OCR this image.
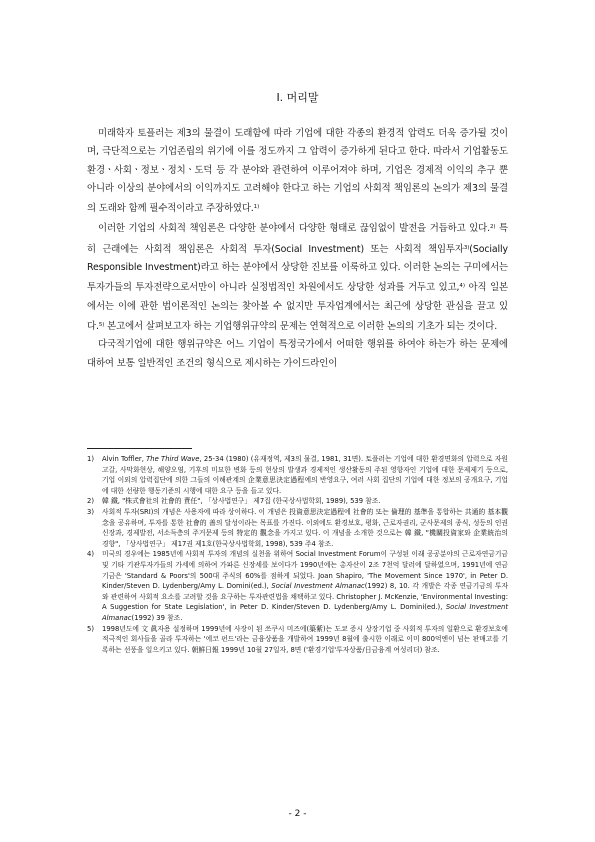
Ⅰ. 머리말

미래학자 토플러는 제3의 물결이 도래함에 따라 기업에 대한 각종의 환경적 압력도 더욱 증가될 것이며, 극단적으로는 기업존립의 위기에 이를 정도까지 그 압력이 증가하게 된다고 한다. 따라서 기업활동도 환경ㆍ사회ㆍ정보ㆍ정치ㆍ도덕 등 각 분야와 관련하여 이루어져야 하며, 기업은 경제적 이익의 추구 뿐 아니라 이상의 분야에서의 이익까지도 고려해야 한다고 하는 기업의 사회적 책임론의 논의가 제3의 물결의 도래와 함께 필수적이라고 주장하였다.$^{1)}$

이러한 기업의 사회적 책임론은 다양한 분야에서 다양한 형태로 끊임없이 발전을 거듭하고 있다.$^{2)}$ 특히 근래에는 사회적 책임론은 사회적 투자(Social Investment) 또는 사회적 책임투자$^{3)}$(Socially Responsible Investment)라고 하는 분야에서 상당한 진보를 이룩하고 있다. 이러한 논의는 구미에서는 투자가들의 투자전략으로서만이 아니라 실정법적인 차원에서도 상당한 성과를 거두고 있고,$^{4)}$ 아직 일본에서는 이에 관한 법이론적인 논의는 찾아볼 수 없지만 투자업계에서는 최근에 상당한 관심을 끌고 있다.$^{5)}$ 본고에서 살펴보고자 하는 기업행위규약의 문제는 연혁적으로 이러한 논의의 기초가 되는 것이다.

다국적기업에 대한 행위규약은 어느 기업이 특정국가에서 어떠한 행위를 하여야 하는가 하는 문제에 대하여 보통 일반적인 조건의 형식으로 제시하는 가이드라인이

1) Alvin Toffler, The Third Wave, 25-34 (1980) (유재정역, 제3의 물결, 1981, 31면). 토플러는 기업에 대한 환경면화의 압력으로 자원고갈, 사막화현상, 해양오염, 기후의 미묘한 변화 등의 현상의 발생과 경제적인 생산활동의 주된 영향자인 기업에 대한 문제제기 등으로, 기업 이외의 압력집단에 의한 그들의 이해관계의 企業意思決定過程에의 반영요구, 여러 사회 집단의 기업에 대한 정보의 공개요구, 기업에 대한 선량한 행동기준의 시행에 대한 요구 등을 들고 있다.
2) 韓 鐵, "株式會社의 社會的 責任", 「상사법연구」 제7집 (한국상사법학회, 1989), 539 참조.
3) 사회적 투자(SRI)의 개념은 사용자에 따라 상이하다. 이 개념은 投資意思決定過程에 社會的 또는 倫理的 基準을 통합하는 共通的 基本觀念을 공유하며, 투자를 통한 社會的 善의 달성이라는 목표를 가진다. 이외에도 환경보호, 평화, 근로자권리, 군사문제의 종식, 성등의 인권신장과, 경제발전, 서소득층의 주거문제 등의 特定的 觀念을 가지고 있다. 이 개념을 소개한 것으로는 韓 鐵, "機關投資家와 企業統治의 경향", 「상사법연구」 제17권 제1호(한국상사법학회, 1998), 539 주4 참조.
4) 미국의 경우에는 1985년에 사회적 투자의 개념의 실천을 위하여 Social Investment Forum이 구성된 이래 공공분야의 근로자연금기금 및 기타 기관투자가들의 가세에 의하여 가파른 신장세를 보이다가 1990년에는 총자산이 2조 7천억 달러에 달하였으며, 1991년에 연금기금은 'Standard & Poors'의 500대 주식의 60%를 점하게 되었다. Joan Shapiro, 'The Movement Since 1970', in Peter D. Kinder/Steven D. Lydenberg/Amy L. Domini(ed.), Social Investment Almanac(1992) 8, 10. 각 개발은 각종 연금기금의 투자와 관련하여 사회적 요소를 고려할 것을 요구하는 투자관련법을 채택하고 있다. Christopher J. McKenzie, 'Environmental Investing: A Suggestion for State Legislation', in Peter D. Kinder/Steven D. Lydenberg/Amy L. Domini(ed.), Social Investment Almanac(1992) 39 참조.
5) 1998년도에 文 眞자용 설정하며 1999년에 사장이 된 쓰쿠시 미즈에(築紫)는 도쿄 증시 상장기업 중 사회적 투자의 일환으로 환경보호에 적극적인 회사들을 골라 투자하는 '에코 펀드'라는 금융상품을 개발하여 1999년 8월에 출시한 이래로 이미 800억엔이 넘는 판매고를 기록하는 선풍을 일으키고 있다. 朝鮮日報 1999년 10월 27일자, 8면 ('환경기업'투자상품/日금융계 여성리더) 참조.
- 2 -
